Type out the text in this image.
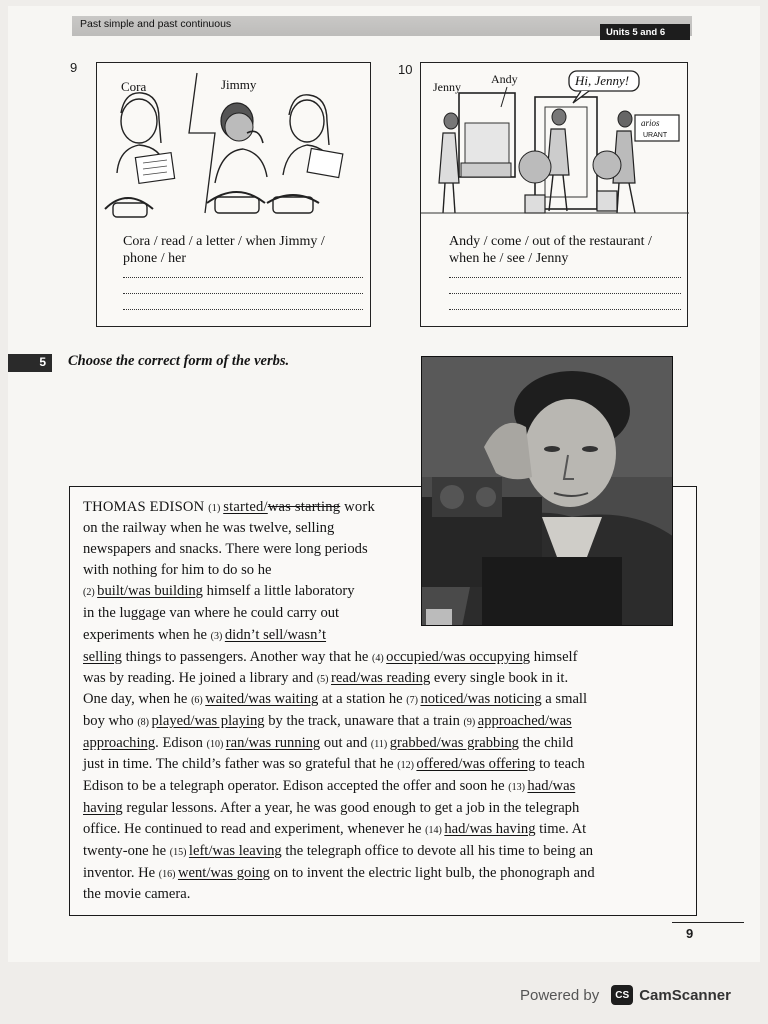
Past simple and past continuous
Units 5 and 6
9
Cora	Jimmy
Cora / read / a letter / when Jimmy /
phone / her
10
arios
URANT
Hi, Jenny!
Jenny
Andy
Andy / come / out of the restaurant /
when he / see / Jenny
5	Choose the correct form of the verbs.
THOMAS EDISON (1) started/was starting work
on the railway when he was twelve, selling
newspapers and snacks. There were long periods
with nothing for him to do so he
(2) built/was building himself a little laboratory
in the luggage van where he could carry out
experiments when he (3) didn’t sell/wasn’t
selling things to passengers. Another way that he (4) occupied/was occupying himself
was by reading. He joined a library and (5) read/was reading every single book in it.
One day, when he (6) waited/was waiting at a station he (7) noticed/was noticing a small
boy who (8) played/was playing by the track, unaware that a train (9) approached/was
approaching. Edison (10) ran/was running out and (11) grabbed/was grabbing the child
just in time. The child’s father was so grateful that he (12) offered/was offering to teach
Edison to be a telegraph operator. Edison accepted the offer and soon he (13) had/was
having regular lessons. After a year, he was good enough to get a job in the telegraph
office. He continued to read and experiment, whenever he (14) had/was having time. At
twenty-one he (15) left/was leaving the telegraph office to devote all his time to being an
inventor. He (16) went/was going on to invent the electric light bulb, the phonograph and
the movie camera.
9
Powered by	CS CamScanner
